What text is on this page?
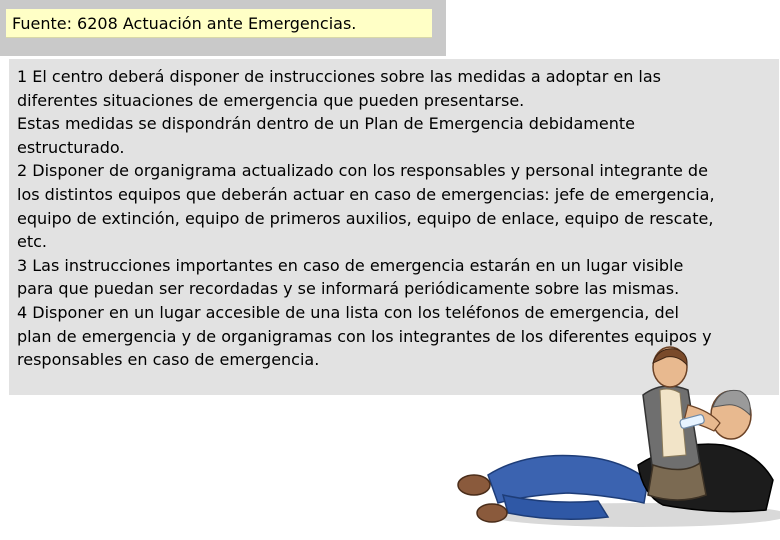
Fuente: 6208 Actuación ante Emergencias.

1 El centro deberá disponer de instrucciones sobre las medidas a adoptar en las diferentes situaciones de emergencia que pueden presentarse.

Estas medidas se dispondrán dentro de un Plan de Emergencia debidamente estructurado.

2 Disponer de organigrama actualizado con los responsables y personal integrante de los distintos equipos que deberán actuar en caso de emergencias: jefe de emergencia, equipo de extinción, equipo de primeros auxilios, equipo de enlace, equipo de rescate, etc.

3 Las instrucciones importantes en caso de emergencia estarán en un lugar visible para que puedan ser recordadas y se informará periódicamente sobre las mismas.

4 Disponer en un lugar accesible de una lista con los teléfonos de emergencia, del plan de emergencia y de organigramas con los integrantes de los diferentes equipos y responsables en caso de emergencia.
